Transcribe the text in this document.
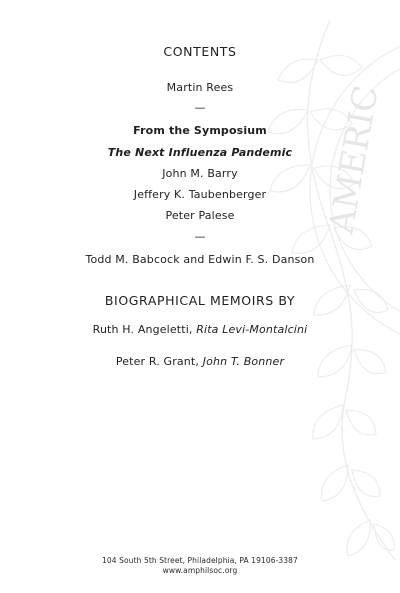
AMERIC
CONTENTS
Martin Rees
—
From the Symposium
The Next Influenza Pandemic
John M. Barry
Jeffery K. Taubenberger
Peter Palese
—
Todd M. Babcock and Edwin F. S. Danson
BIOGRAPHICAL MEMOIRS BY
Ruth H. Angeletti, Rita Levi-Montalcini
Peter R. Grant, John T. Bonner
104 South 5th Street, Philadelphia, PA 19106-3387
www.amphilsoc.org
